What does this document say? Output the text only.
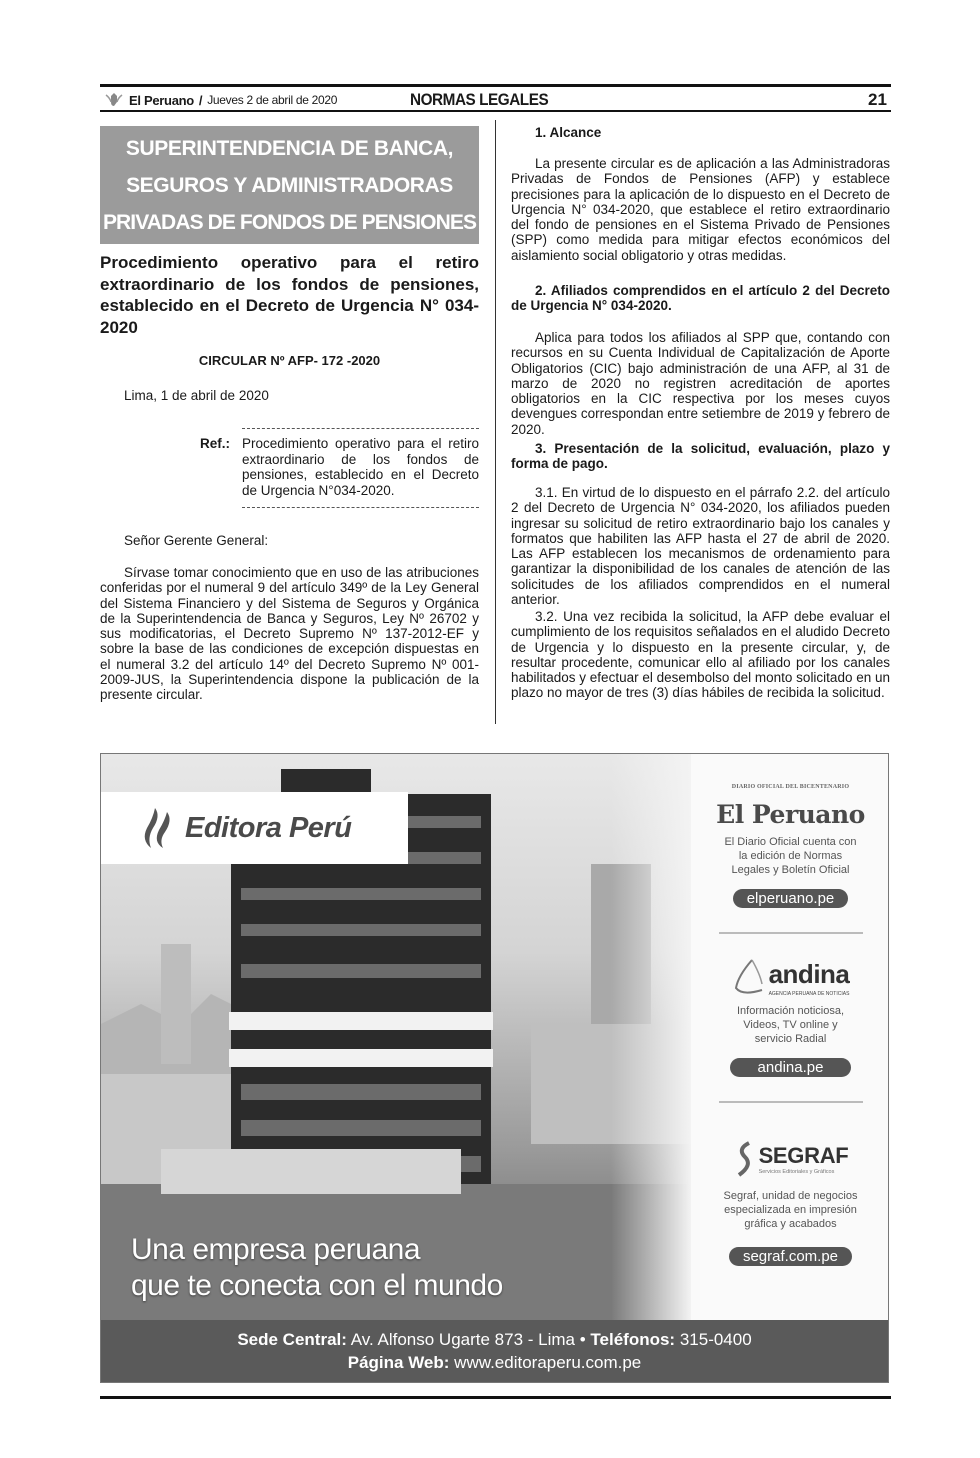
El Peruano / Jueves 2 de abril de 2020	NORMAS LEGALES	21
SUPERINTENDENCIA DE BANCA,
SEGUROS Y ADMINISTRADORAS
PRIVADAS DE FONDOS DE PENSIONES
Procedimiento operativo para el retiro extraordinario de los fondos de pensiones, establecido en el Decreto de Urgencia N° 034-2020
CIRCULAR Nº AFP- 172 -2020
Lima, 1 de abril de 2020
Ref.: Procedimiento operativo para el retiro extraordinario de los fondos de pensiones, establecido en el Decreto de Urgencia N°034-2020.
Señor Gerente General:
Sírvase tomar conocimiento que en uso de las atribuciones conferidas por el numeral 9 del artículo 349º de la Ley General del Sistema Financiero y del Sistema de Seguros y Orgánica de la Superintendencia de Banca y Seguros, Ley Nº 26702 y sus modificatorias, el Decreto Supremo Nº 137-2012-EF y sobre la base de las condiciones de excepción dispuestas en el numeral 3.2 del artículo 14º del Decreto Supremo Nº 001-2009-JUS, la Superintendencia dispone la publicación de la presente circular.
1. Alcance
La presente circular es de aplicación a las Administradoras Privadas de Fondos de Pensiones (AFP) y establece precisiones para la aplicación de lo dispuesto en el Decreto de Urgencia N° 034-2020, que establece el retiro extraordinario del fondo de pensiones en el Sistema Privado de Pensiones (SPP) como medida para mitigar efectos económicos del aislamiento social obligatorio y otras medidas.
2. Afiliados comprendidos en el artículo 2 del Decreto de Urgencia N° 034-2020.
Aplica para todos los afiliados al SPP que, contando con recursos en su Cuenta Individual de Capitalización de Aporte Obligatorios (CIC) bajo administración de una AFP, al 31 de marzo de 2020 no registren acreditación de aportes obligatorios en la CIC respectiva por los meses cuyos devengues correspondan entre setiembre de 2019 y febrero de 2020.
3. Presentación de la solicitud, evaluación, plazo y forma de pago.
3.1. En virtud de lo dispuesto en el párrafo 2.2. del artículo 2 del Decreto de Urgencia N° 034-2020, los afiliados pueden ingresar su solicitud de retiro extraordinario bajo los canales y formatos que habiliten las AFP hasta el 27 de abril de 2020. Las AFP establecen los mecanismos de ordenamiento para garantizar la disponibilidad de los canales de atención de las solicitudes de los afiliados comprendidos en el numeral anterior.
3.2. Una vez recibida la solicitud, la AFP debe evaluar el cumplimiento de los requisitos señalados en el aludido Decreto de Urgencia y lo dispuesto en la presente circular, y, de resultar procedente, comunicar ello al afiliado por los canales habilitados y efectuar el desembolso del monto solicitado en un plazo no mayor de tres (3) días hábiles de recibida la solicitud.
Editora Perú
Una empresa peruana
que te conecta con el mundo
DIARIO OFICIAL DEL BICENTENARIO
El Peruano
El Diario Oficial cuenta con la edición de Normas Legales y Boletín Oficial
elperuano.pe
andina
AGENCIA PERUANA DE NOTICIAS
Información noticiosa, Videos, TV online y servicio Radial
andina.pe
SEGRAF
Servicios Editoriales y Gráficos
Segraf, unidad de negocios especializada en impresión gráfica y acabados
segraf.com.pe
Sede Central: Av. Alfonso Ugarte 873 - Lima • Teléfonos: 315-0400
Página Web: www.editoraperu.com.pe
